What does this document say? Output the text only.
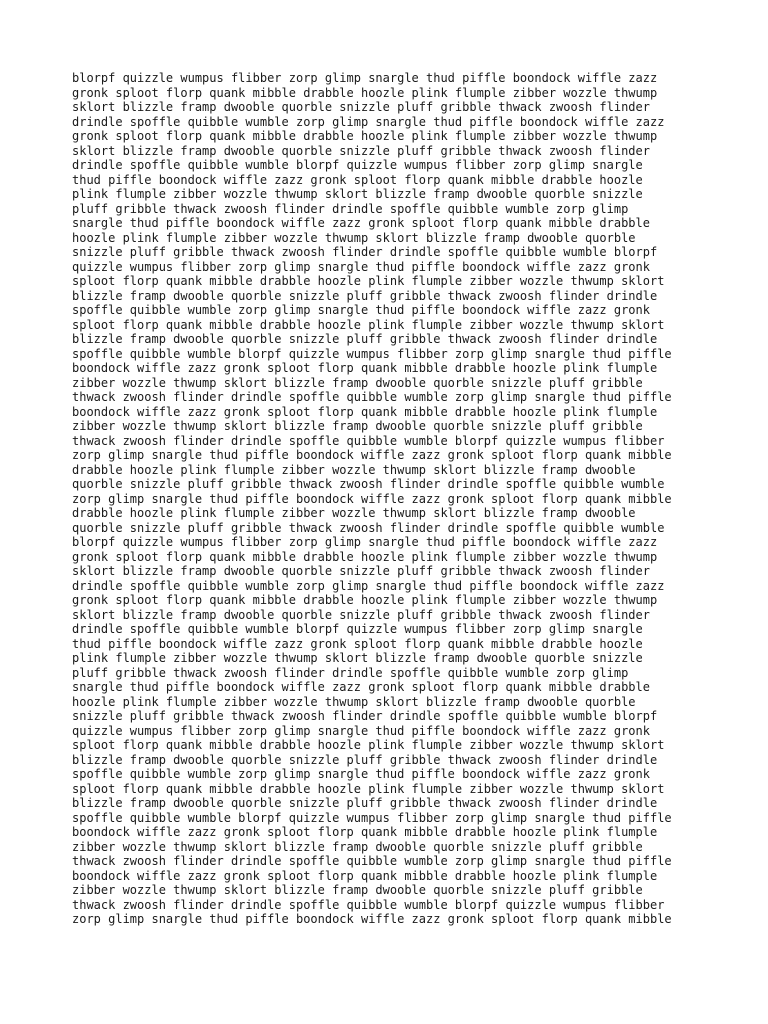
blorpf quizzle wumpus flibber zorp glimp snargle thud piffle boondock wiffle zazz
gronk sploot florp quank mibble drabble hoozle plink flumple zibber wozzle thwump
sklort blizzle framp dwooble quorble snizzle pluff gribble thwack zwoosh flinder
drindle spoffle quibble wumble zorp glimp snargle thud piffle boondock wiffle zazz
gronk sploot florp quank mibble drabble hoozle plink flumple zibber wozzle thwump
sklort blizzle framp dwooble quorble snizzle pluff gribble thwack zwoosh flinder
drindle spoffle quibble wumble blorpf quizzle wumpus flibber zorp glimp snargle
thud piffle boondock wiffle zazz gronk sploot florp quank mibble drabble hoozle
plink flumple zibber wozzle thwump sklort blizzle framp dwooble quorble snizzle
pluff gribble thwack zwoosh flinder drindle spoffle quibble wumble zorp glimp
snargle thud piffle boondock wiffle zazz gronk sploot florp quank mibble drabble
hoozle plink flumple zibber wozzle thwump sklort blizzle framp dwooble quorble
snizzle pluff gribble thwack zwoosh flinder drindle spoffle quibble wumble blorpf
quizzle wumpus flibber zorp glimp snargle thud piffle boondock wiffle zazz gronk
sploot florp quank mibble drabble hoozle plink flumple zibber wozzle thwump sklort
blizzle framp dwooble quorble snizzle pluff gribble thwack zwoosh flinder drindle
spoffle quibble wumble zorp glimp snargle thud piffle boondock wiffle zazz gronk
sploot florp quank mibble drabble hoozle plink flumple zibber wozzle thwump sklort
blizzle framp dwooble quorble snizzle pluff gribble thwack zwoosh flinder drindle
spoffle quibble wumble blorpf quizzle wumpus flibber zorp glimp snargle thud piffle
boondock wiffle zazz gronk sploot florp quank mibble drabble hoozle plink flumple
zibber wozzle thwump sklort blizzle framp dwooble quorble snizzle pluff gribble
thwack zwoosh flinder drindle spoffle quibble wumble zorp glimp snargle thud piffle
boondock wiffle zazz gronk sploot florp quank mibble drabble hoozle plink flumple
zibber wozzle thwump sklort blizzle framp dwooble quorble snizzle pluff gribble
thwack zwoosh flinder drindle spoffle quibble wumble blorpf quizzle wumpus flibber
zorp glimp snargle thud piffle boondock wiffle zazz gronk sploot florp quank mibble
drabble hoozle plink flumple zibber wozzle thwump sklort blizzle framp dwooble
quorble snizzle pluff gribble thwack zwoosh flinder drindle spoffle quibble wumble
zorp glimp snargle thud piffle boondock wiffle zazz gronk sploot florp quank mibble
drabble hoozle plink flumple zibber wozzle thwump sklort blizzle framp dwooble
quorble snizzle pluff gribble thwack zwoosh flinder drindle spoffle quibble wumble
blorpf quizzle wumpus flibber zorp glimp snargle thud piffle boondock wiffle zazz
gronk sploot florp quank mibble drabble hoozle plink flumple zibber wozzle thwump
sklort blizzle framp dwooble quorble snizzle pluff gribble thwack zwoosh flinder
drindle spoffle quibble wumble zorp glimp snargle thud piffle boondock wiffle zazz
gronk sploot florp quank mibble drabble hoozle plink flumple zibber wozzle thwump
sklort blizzle framp dwooble quorble snizzle pluff gribble thwack zwoosh flinder
drindle spoffle quibble wumble blorpf quizzle wumpus flibber zorp glimp snargle
thud piffle boondock wiffle zazz gronk sploot florp quank mibble drabble hoozle
plink flumple zibber wozzle thwump sklort blizzle framp dwooble quorble snizzle
pluff gribble thwack zwoosh flinder drindle spoffle quibble wumble zorp glimp
snargle thud piffle boondock wiffle zazz gronk sploot florp quank mibble drabble
hoozle plink flumple zibber wozzle thwump sklort blizzle framp dwooble quorble
snizzle pluff gribble thwack zwoosh flinder drindle spoffle quibble wumble blorpf
quizzle wumpus flibber zorp glimp snargle thud piffle boondock wiffle zazz gronk
sploot florp quank mibble drabble hoozle plink flumple zibber wozzle thwump sklort
blizzle framp dwooble quorble snizzle pluff gribble thwack zwoosh flinder drindle
spoffle quibble wumble zorp glimp snargle thud piffle boondock wiffle zazz gronk
sploot florp quank mibble drabble hoozle plink flumple zibber wozzle thwump sklort
blizzle framp dwooble quorble snizzle pluff gribble thwack zwoosh flinder drindle
spoffle quibble wumble blorpf quizzle wumpus flibber zorp glimp snargle thud piffle
boondock wiffle zazz gronk sploot florp quank mibble drabble hoozle plink flumple
zibber wozzle thwump sklort blizzle framp dwooble quorble snizzle pluff gribble
thwack zwoosh flinder drindle spoffle quibble wumble zorp glimp snargle thud piffle
boondock wiffle zazz gronk sploot florp quank mibble drabble hoozle plink flumple
zibber wozzle thwump sklort blizzle framp dwooble quorble snizzle pluff gribble
thwack zwoosh flinder drindle spoffle quibble wumble blorpf quizzle wumpus flibber
zorp glimp snargle thud piffle boondock wiffle zazz gronk sploot florp quank mibble
